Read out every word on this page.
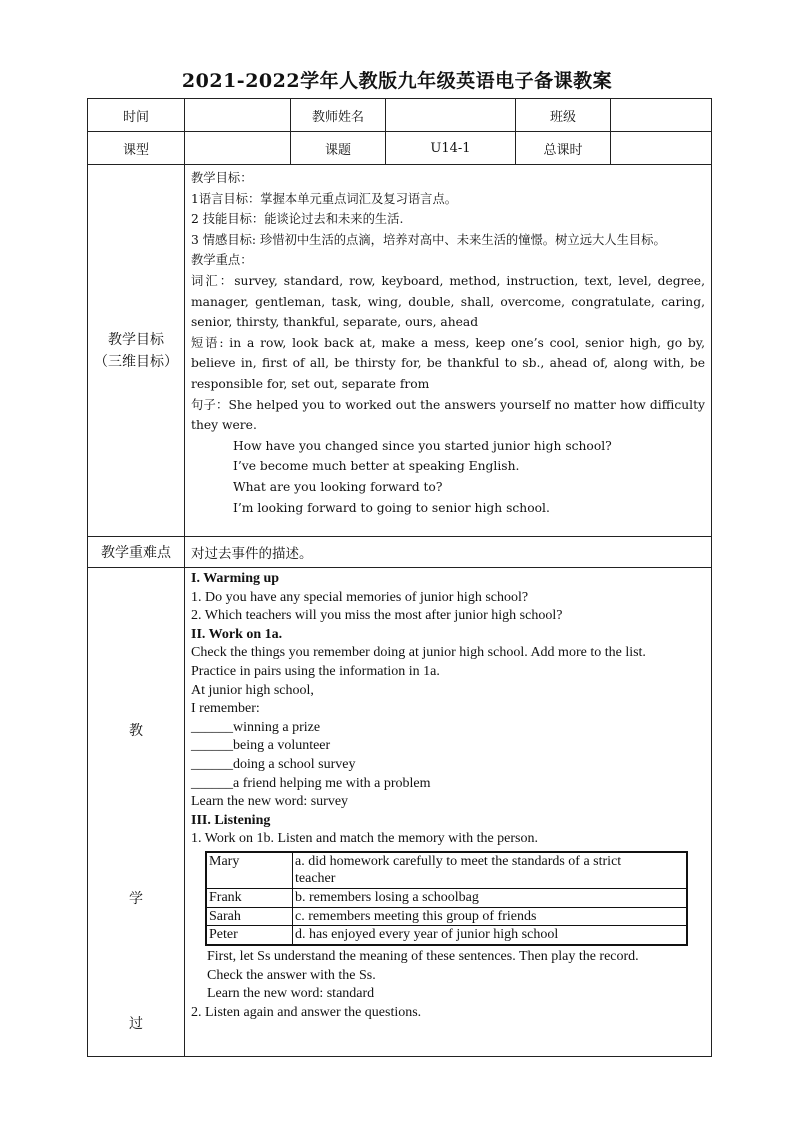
2021-2022学年人教版九年级英语电子备课教案
时间		教师姓名		班级	
课型		课题	U14-1	总课时	

教学目标
（三维目标）

教学目标：
1语言目标：掌握本单元重点词汇及复习语言点。
2 技能目标：能谈论过去和未来的生活.
3 情感目标: 珍惜初中生活的点滴，培养对高中、未来生活的憧憬。树立远大人生目标。
教学重点：
词汇：survey, standard, row, keyboard, method, instruction, text, level, degree, manager, gentleman, task, wing, double, shall, overcome, congratulate, caring, senior, thirsty, thankful, separate, ours, ahead
短语: in a row, look back at, make a mess, keep one’s cool, senior high, go by, believe in, first of all, be thirsty for, be thankful to sb., ahead of, along with, be responsible for, set out, separate from
句子：She helped you to worked out the answers yourself no matter how difficulty they were.
How have you changed since you started junior high school?
I’ve become much better at speaking English.
What are you looking forward to?
I’m looking forward to going to senior high school.

教学重难点	对过去事件的描述。

教
学
过

I. Warming up
1. Do you have any special memories of junior high school?
2. Which teachers will you miss the most after junior high school?
II. Work on 1a.
Check the things you remember doing at junior high school. Add more to the list.
Practice in pairs using the information in 1a.
At junior high school,
I remember:
______winning a prize
______being a volunteer
______doing a school survey
______a friend helping me with a problem
Learn the new word: survey
III. Listening
1. Work on 1b. Listen and match the memory with the person.
Mary	a. did homework carefully to meet the standards of a strict teacher
Frank	b. remembers losing a schoolbag
Sarah	c. remembers meeting this group of friends
Peter	d. has enjoyed every year of junior high school
First, let Ss understand the meaning of these sentences. Then play the record.
Check the answer with the Ss.
Learn the new word: standard
2. Listen again and answer the questions.
